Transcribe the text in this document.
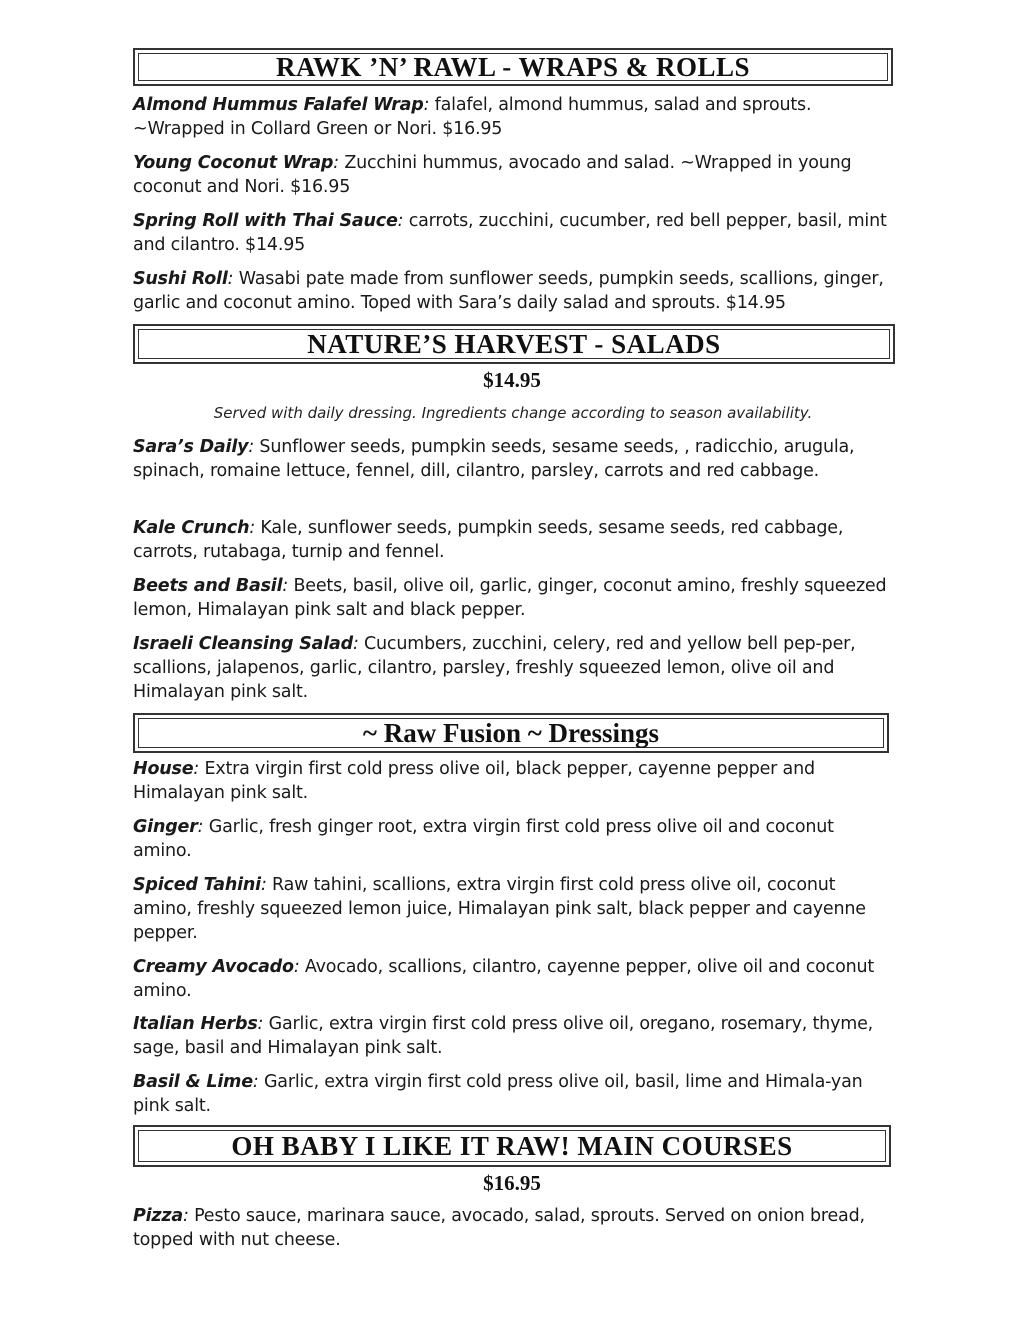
RAWK ’N’ RAWL - WRAPS & ROLLS
Almond Hummus Falafel Wrap: falafel, almond hummus, salad and sprouts. ~Wrapped in Collard Green or Nori. $16.95
Young Coconut Wrap: Zucchini hummus, avocado and salad. ~Wrapped in young coconut and Nori. $16.95
Spring Roll with Thai Sauce: carrots, zucchini, cucumber, red bell pepper, basil, mint and cilantro. $14.95
Sushi Roll: Wasabi pate made from sunflower seeds, pumpkin seeds, scallions, ginger, garlic and coconut amino. Toped with Sara’s daily salad and sprouts. $14.95
NATURE’S HARVEST - SALADS
$14.95
Served with daily dressing. Ingredients change according to season availability.
Sara’s Daily: Sunflower seeds, pumpkin seeds, sesame seeds, , radicchio, arugula, spinach, romaine lettuce, fennel, dill, cilantro, parsley, carrots and red cabbage.
Kale Crunch: Kale, sunflower seeds, pumpkin seeds, sesame seeds, red cabbage, carrots, rutabaga, turnip and fennel.
Beets and Basil: Beets, basil, olive oil, garlic, ginger, coconut amino, freshly squeezed lemon, Himalayan pink salt and black pepper.
Israeli Cleansing Salad: Cucumbers, zucchini, celery, red and yellow bell pep-per, scallions, jalapenos, garlic, cilantro, parsley, freshly squeezed lemon, olive oil and Himalayan pink salt.
~ Raw Fusion ~ Dressings
House: Extra virgin first cold press olive oil, black pepper, cayenne pepper and Himalayan pink salt.
Ginger: Garlic, fresh ginger root, extra virgin first cold press olive oil and coconut amino.
Spiced Tahini: Raw tahini, scallions, extra virgin first cold press olive oil, coconut amino, freshly squeezed lemon juice, Himalayan pink salt, black pepper and cayenne pepper.
Creamy Avocado: Avocado, scallions, cilantro, cayenne pepper, olive oil and coconut amino.
Italian Herbs: Garlic, extra virgin first cold press olive oil, oregano, rosemary, thyme, sage, basil and Himalayan pink salt.
Basil & Lime: Garlic, extra virgin first cold press olive oil, basil, lime and Himala-yan pink salt.
OH BABY I LIKE IT RAW! MAIN COURSES
$16.95
Pizza: Pesto sauce, marinara sauce, avocado, salad, sprouts. Served on onion bread, topped with nut cheese.
